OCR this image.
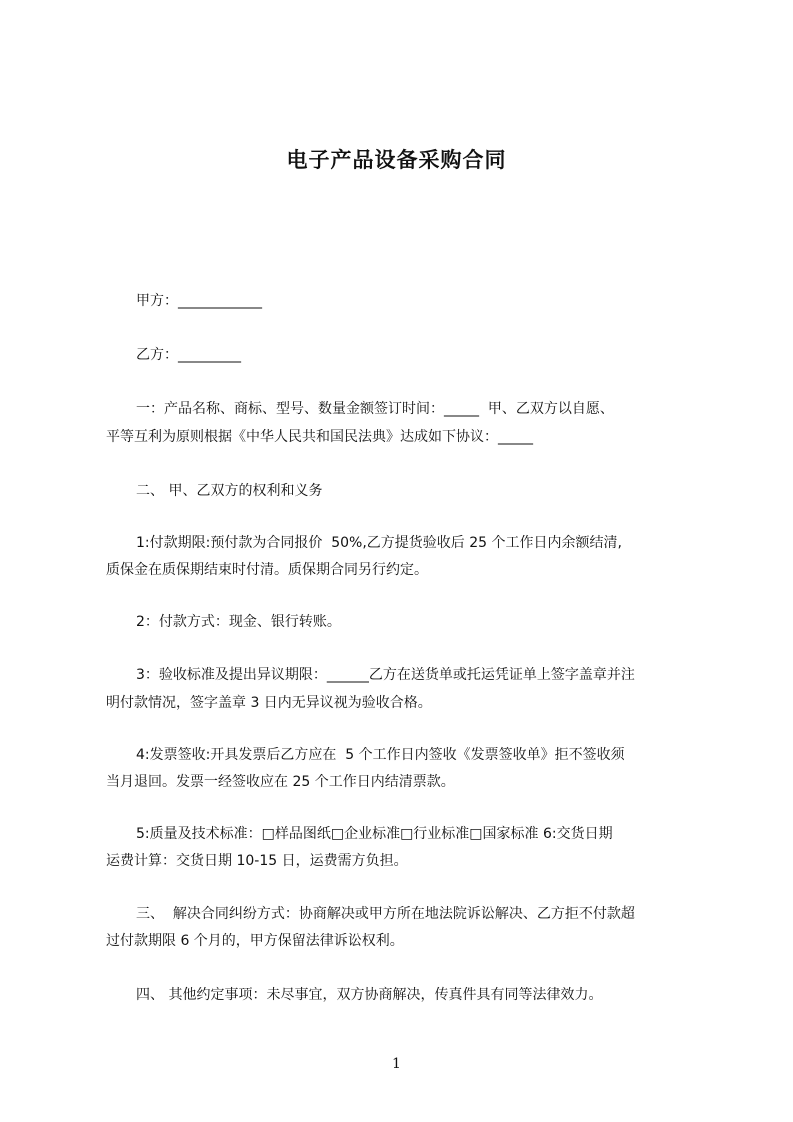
电子产品设备采购合同
甲方：____________
乙方：_________
一：产品名称、商标、型号、数量金额签订时间：_____  甲、乙双方以自愿、
平等互利为原则根据《中华人民共和国民法典》达成如下协议：_____
二、 甲、乙双方的权利和义务
1:付款期限:预付款为合同报价  50%,乙方提货验收后 25 个工作日内余额结清,
质保金在质保期结束时付清。质保期合同另行约定。
2：付款方式：现金、银行转账。
3：验收标准及提出异议期限：______乙方在送货单或托运凭证单上签字盖章并注
明付款情况，签字盖章 3 日内无异议视为验收合格。
4:发票签收:开具发票后乙方应在  5 个工作日内签收《发票签收单》拒不签收须
当月退回。发票一经签收应在 25 个工作日内结清票款。
5:质量及技术标准：□样品图纸□企业标准□行业标准□国家标准 6:交货日期
运费计算：交货日期 10-15 日，运费需方负担。
三、  解决合同纠纷方式：协商解决或甲方所在地法院诉讼解决、乙方拒不付款超
过付款期限 6 个月的，甲方保留法律诉讼权利。
四、 其他约定事项：未尽事宜，双方协商解决，传真件具有同等法律效力。
1
